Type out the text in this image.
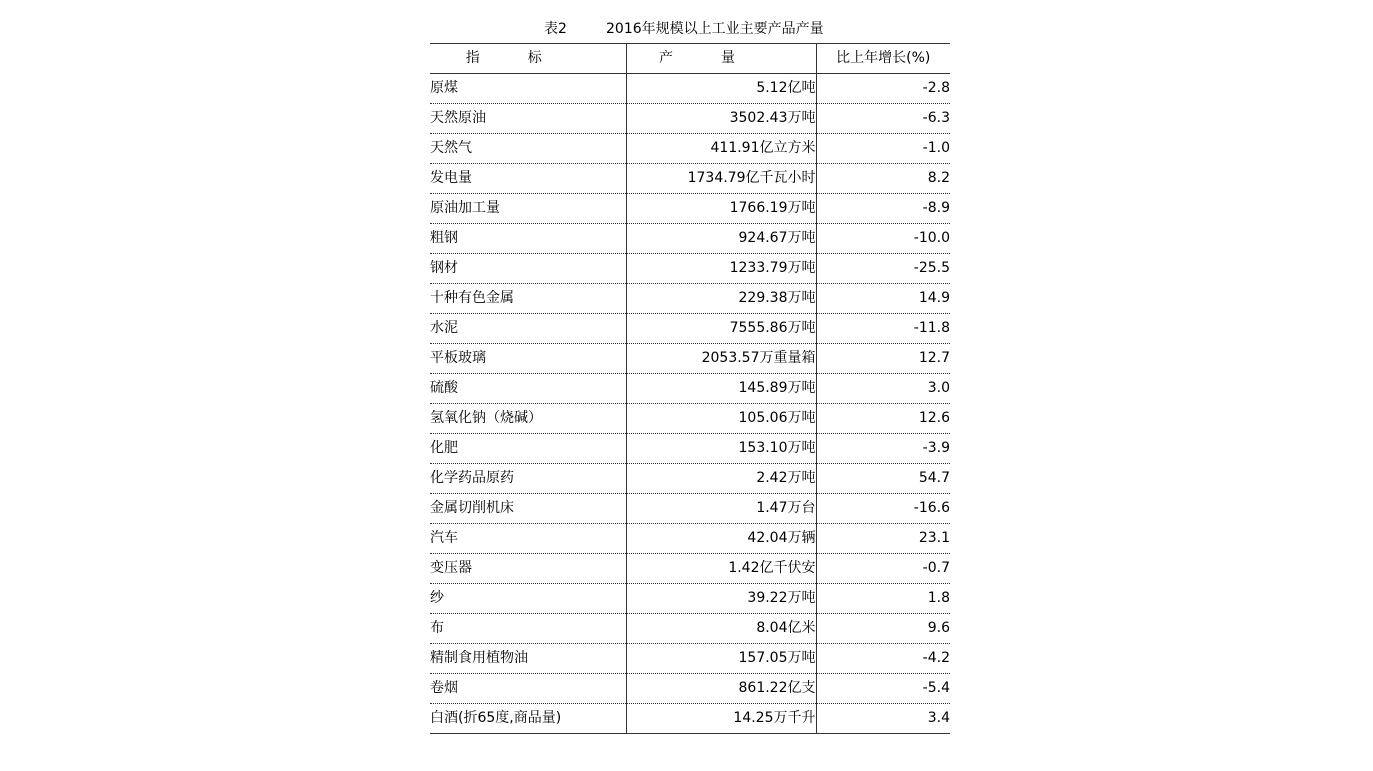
表2	2016年规模以上工业主要产品产量
指标	产量	比上年增长(%)
原煤	5.12亿吨	-2.8
天然原油	3502.43万吨	-6.3
天然气	411.91亿立方米	-1.0
发电量	1734.79亿千瓦小时	8.2
原油加工量	1766.19万吨	-8.9
粗钢	924.67万吨	-10.0
钢材	1233.79万吨	-25.5
十种有色金属	229.38万吨	14.9
水泥	7555.86万吨	-11.8
平板玻璃	2053.57万重量箱	12.7
硫酸	145.89万吨	3.0
氢氧化钠（烧碱）	105.06万吨	12.6
化肥	153.10万吨	-3.9
化学药品原药	2.42万吨	54.7
金属切削机床	1.47万台	-16.6
汽车	42.04万辆	23.1
变压器	1.42亿千伏安	-0.7
纱	39.22万吨	1.8
布	8.04亿米	9.6
精制食用植物油	157.05万吨	-4.2
卷烟	861.22亿支	-5.4
白酒(折65度,商品量)	14.25万千升	3.4
